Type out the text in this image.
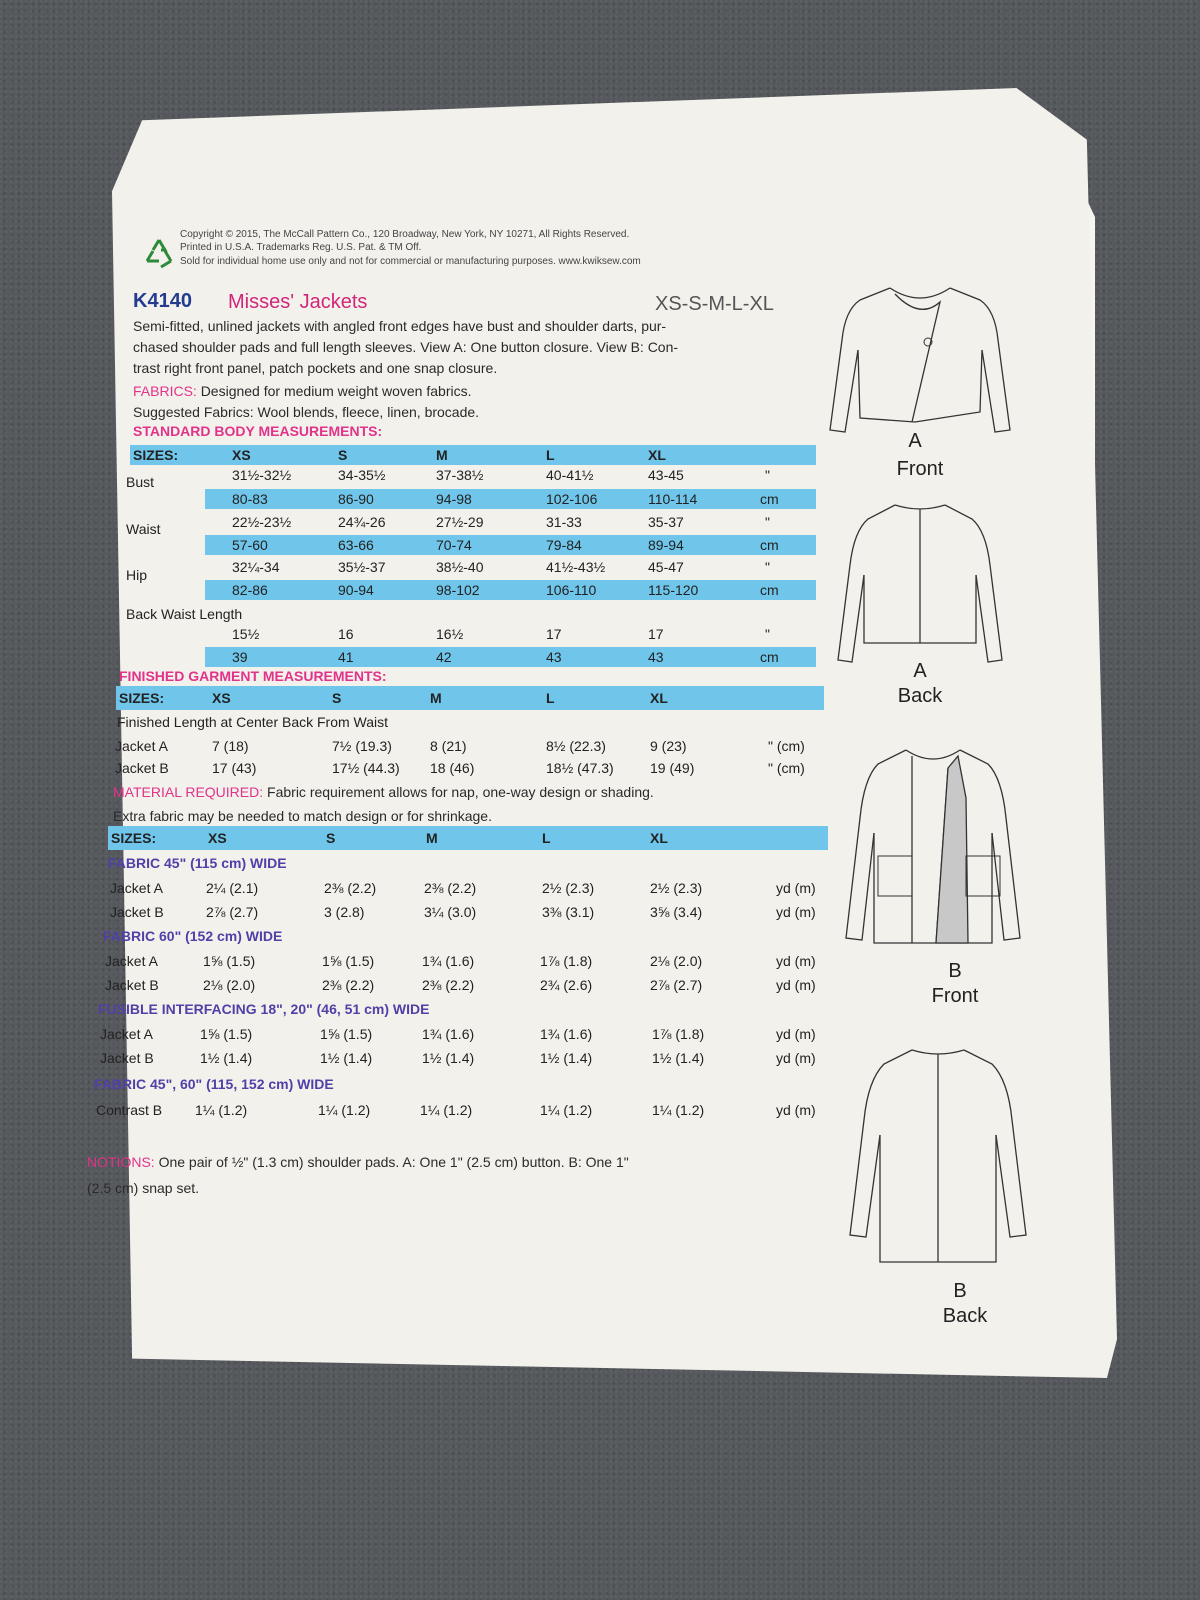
Copyright © 2015, The McCall Pattern Co., 120 Broadway, New York, NY 10271, All Rights Reserved.
Printed in U.S.A. Trademarks Reg. U.S. Pat. & TM Off.
Sold for individual home use only and not for commercial or manufacturing purposes. www.kwiksew.com
K4140 Misses' Jackets	XS-S-M-L-XL
Semi-fitted, unlined jackets with angled front edges have bust and shoulder darts, pur-
chased shoulder pads and full length sleeves. View A: One button closure. View B: Con-
trast right front panel, patch pockets and one snap closure.
FABRICS: Designed for medium weight woven fabrics.
Suggested Fabrics: Wool blends, fleece, linen, brocade.
STANDARD BODY MEASUREMENTS:
SIZES:	XS	S	M	L	XL
Bust	31½-32½	34-35½	37-38½	40-41½	43-45	"
80-83	86-90	94-98	102-106	110-114	cm
Waist	22½-23½	24¾-26	27½-29	31-33	35-37	"
57-60	63-66	70-74	79-84	89-94	cm
Hip	32¼-34	35½-37	38½-40	41½-43½	45-47	"
82-86	90-94	98-102	106-110	115-120	cm
Back Waist Length
15½	16	16½	17	17	"
39	41	42	43	43	cm
FINISHED GARMENT MEASUREMENTS:
SIZES:	XS	S	M	L	XL
Finished Length at Center Back From Waist
Jacket A	7 (18)	7½ (19.3)	8 (21)	8½ (22.3)	9 (23)	" (cm)
Jacket B	17 (43)	17½ (44.3) 18 (46)	18½ (47.3)	19 (49)	" (cm)
MATERIAL REQUIRED: Fabric requirement allows for nap, one-way design or shading.
Extra fabric may be needed to match design or for shrinkage.
SIZES:	XS	S	M	L	XL
FABRIC 45" (115 cm) WIDE
Jacket A	2¼ (2.1)	2⅜ (2.2)	2⅜ (2.2)	2½ (2.3)	2½ (2.3)	yd (m)
Jacket B	2⅞ (2.7)	3 (2.8)	3¼ (3.0)	3⅜ (3.1)	3⅝ (3.4)	yd (m)
FABRIC 60" (152 cm) WIDE
Jacket A	1⅝ (1.5)	1⅝ (1.5)	1¾ (1.6)	1⅞ (1.8)	2⅛ (2.0)	yd (m)
Jacket B	2⅛ (2.0)	2⅜ (2.2)	2⅜ (2.2)	2¾ (2.6)	2⅞ (2.7)	yd (m)
FUSIBLE INTERFACING 18", 20" (46, 51 cm) WIDE
Jacket A	1⅝ (1.5)	1⅝ (1.5)	1¾ (1.6)	1¾ (1.6)	1⅞ (1.8)	yd (m)
Jacket B	1½ (1.4)	1½ (1.4)	1½ (1.4)	1½ (1.4)	1½ (1.4)	yd (m)
FABRIC 45", 60" (115, 152 cm) WIDE
Contrast B 1¼ (1.2)	1¼ (1.2)	1¼ (1.2)	1¼ (1.2)	1¼ (1.2)	yd (m)
NOTIONS: One pair of ½" (1.3 cm) shoulder pads. A: One 1" (2.5 cm) button. B: One 1"
(2.5 cm) snap set.
A
Front
A
Back
B
Front
B
Back
